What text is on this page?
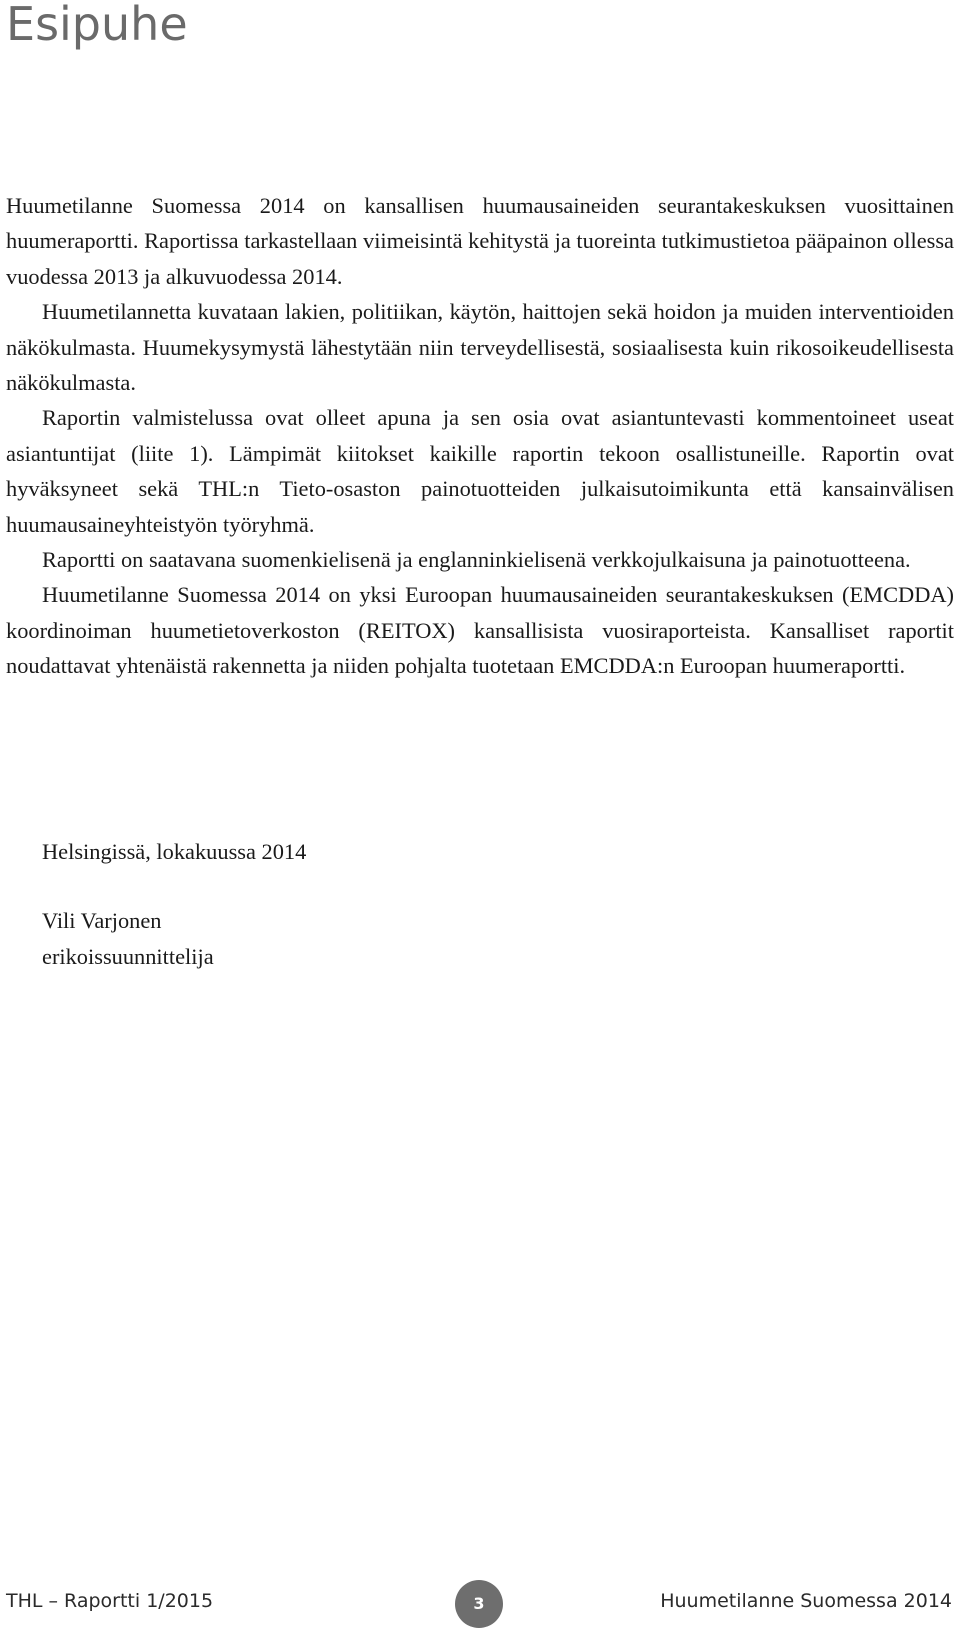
Esipuhe

Huumetilanne Suomessa 2014 on kansallisen huumausaineiden seurantakeskuksen vuosittainen huumeraportti. Raportissa tarkastellaan viimeisintä kehitystä ja tuoreinta tutkimustietoa pääpainon ollessa vuodessa 2013 ja alkuvuodessa 2014.

Huumetilannetta kuvataan lakien, politiikan, käytön, haittojen sekä hoidon ja muiden interventioiden näkökulmasta. Huumekysymystä lähestytään niin terveydellisestä, sosiaalisesta kuin rikosoikeudellisesta näkökulmasta.

Raportin valmistelussa ovat olleet apuna ja sen osia ovat asiantuntevasti kommentoineet useat asiantuntijat (liite 1). Lämpimät kiitokset kaikille raportin tekoon osallistuneille. Raportin ovat hyväksyneet sekä THL:n Tieto-osaston painotuotteiden julkaisutoimikunta että kansainvälisen huumausaineyhteistyön työryhmä.

Raportti on saatavana suomenkielisenä ja englanninkielisenä verkkojulkaisuna ja painotuotteena.

Huumetilanne Suomessa 2014 on yksi Euroopan huumausaineiden seurantakeskuksen (EMCDDA) koordinoiman huumetietoverkoston (REITOX) kansallisista vuosiraporteista. Kansalliset raportit noudattavat yhtenäistä rakennetta ja niiden pohjalta tuotetaan EMCDDA:n Euroopan huumeraportti.

Helsingissä, lokakuussa 2014
Vili Varjonen
erikoissuunnittelija
THL – Raportti 1/2015	3	Huumetilanne Suomessa 2014
